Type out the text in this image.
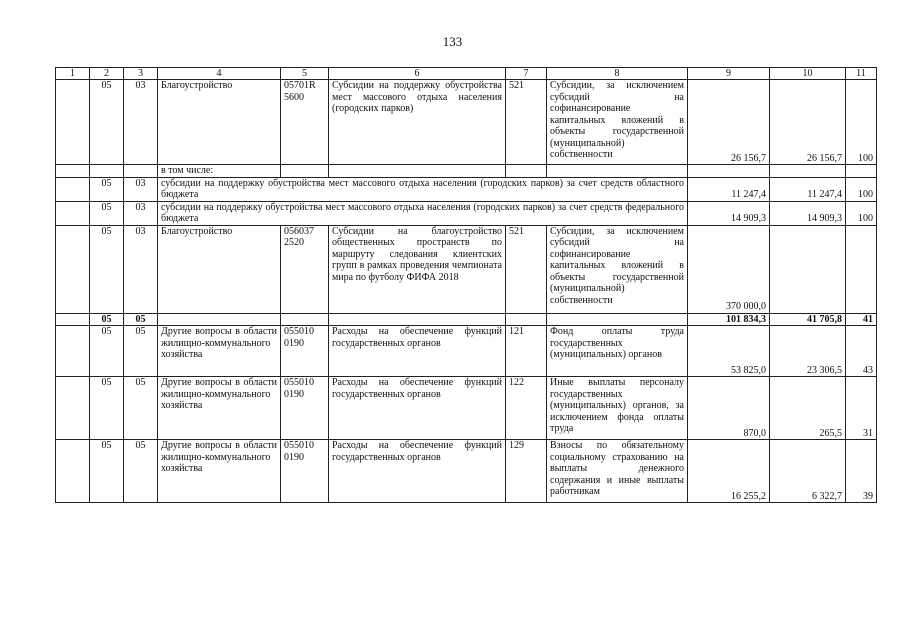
133
1	2	3	4	5	6	7	8	9	10	11
	05	03	Благоустройство	05701R 5600	Субсидии на поддержку обустройства мест массового отдыха населения (городских парков)	521	Субсидии, за исключением субсидий на софинансирование капитальных вложений в объекты государственной (муниципальной) собственности	26 156,7	26 156,7	100
			в том числе:							
	05	03	субсидии на поддержку обустройства мест массового отдыха населения (городских парков) за счет средств областного бюджета					11 247,4	11 247,4	100
	05	03	субсидии на поддержку обустройства мест массового отдыха населения (городских парков) за счет средств федерального бюджета					14 909,3	14 909,3	100
	05	03	Благоустройство	056037 2520	Субсидии на благоустройство общественных пространств по маршруту следования клиентских групп в рамках проведения чемпионата мира по футболу ФИФА 2018	521	Субсидии, за исключением субсидий на софинансирование капитальных вложений в объекты государственной (муниципальной) собственности	370 000,0		
	05	05						101 834,3	41 705,8	41
	05	05	Другие вопросы в области жилищно-коммунального хозяйства	055010 0190	Расходы на обеспечение функций государственных органов	121	Фонд оплаты труда государственных (муниципальных) органов	53 825,0	23 306,5	43
	05	05	Другие вопросы в области жилищно-коммунального хозяйства	055010 0190	Расходы на обеспечение функций государственных органов	122	Иные выплаты персоналу государственных (муниципальных) органов, за исключением фонда оплаты труда	870,0	265,5	31
	05	05	Другие вопросы в области жилищно-коммунального хозяйства	055010 0190	Расходы на обеспечение функций государственных органов	129	Взносы по обязательному социальному страхованию на выплаты денежного содержания и иные выплаты работникам	16 255,2	6 322,7	39
